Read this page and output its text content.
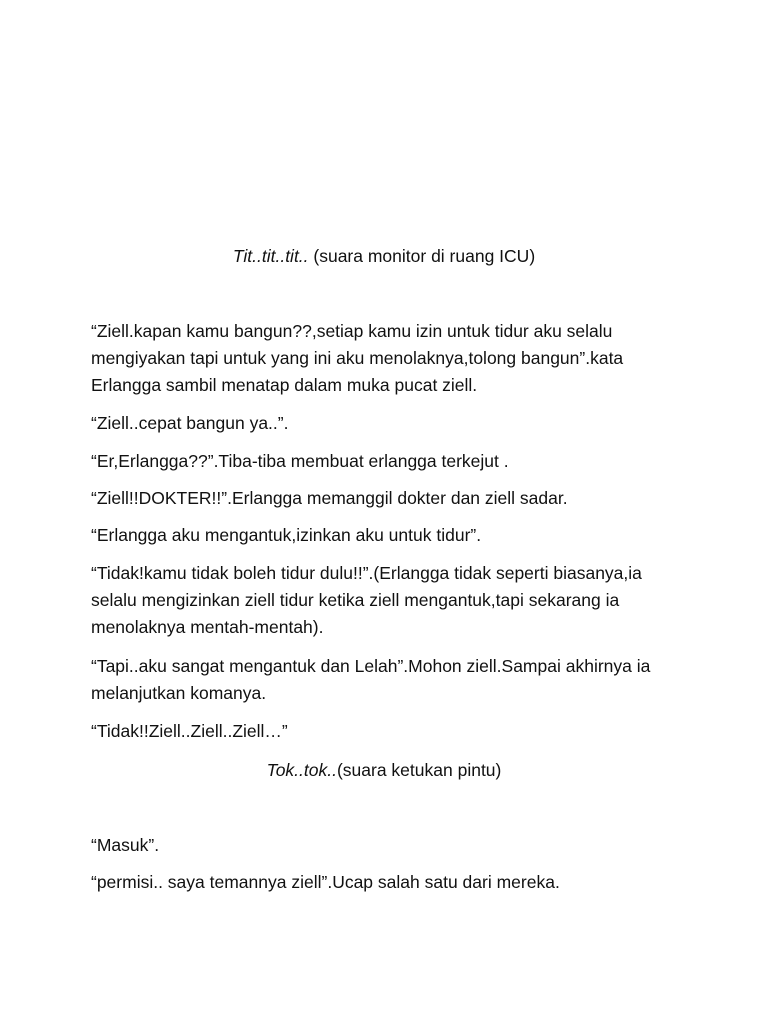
Tit..tit..tit.. (suara monitor di ruang ICU)
“Ziell.kapan kamu bangun??,setiap kamu izin untuk tidur aku selalu mengiyakan tapi untuk yang ini aku menolaknya,tolong bangun”.kata Erlangga sambil menatap dalam muka pucat ziell.
“Ziell..cepat bangun ya..”.
“Er,Erlangga??”.Tiba-tiba membuat erlangga terkejut .
“Ziell!!DOKTER!!”.Erlangga memanggil dokter dan ziell sadar.
“Erlangga aku mengantuk,izinkan aku untuk tidur”.
“Tidak!kamu tidak boleh tidur dulu!!”.(Erlangga tidak seperti biasanya,ia selalu mengizinkan ziell tidur ketika ziell mengantuk,tapi sekarang ia menolaknya mentah-mentah).
“Tapi..aku sangat mengantuk dan Lelah”.Mohon ziell.Sampai akhirnya ia melanjutkan komanya.
“Tidak!!Ziell..Ziell..Ziell…”
Tok..tok..(suara ketukan pintu)
“Masuk”.
“permisi.. saya temannya ziell”.Ucap salah satu dari mereka.
